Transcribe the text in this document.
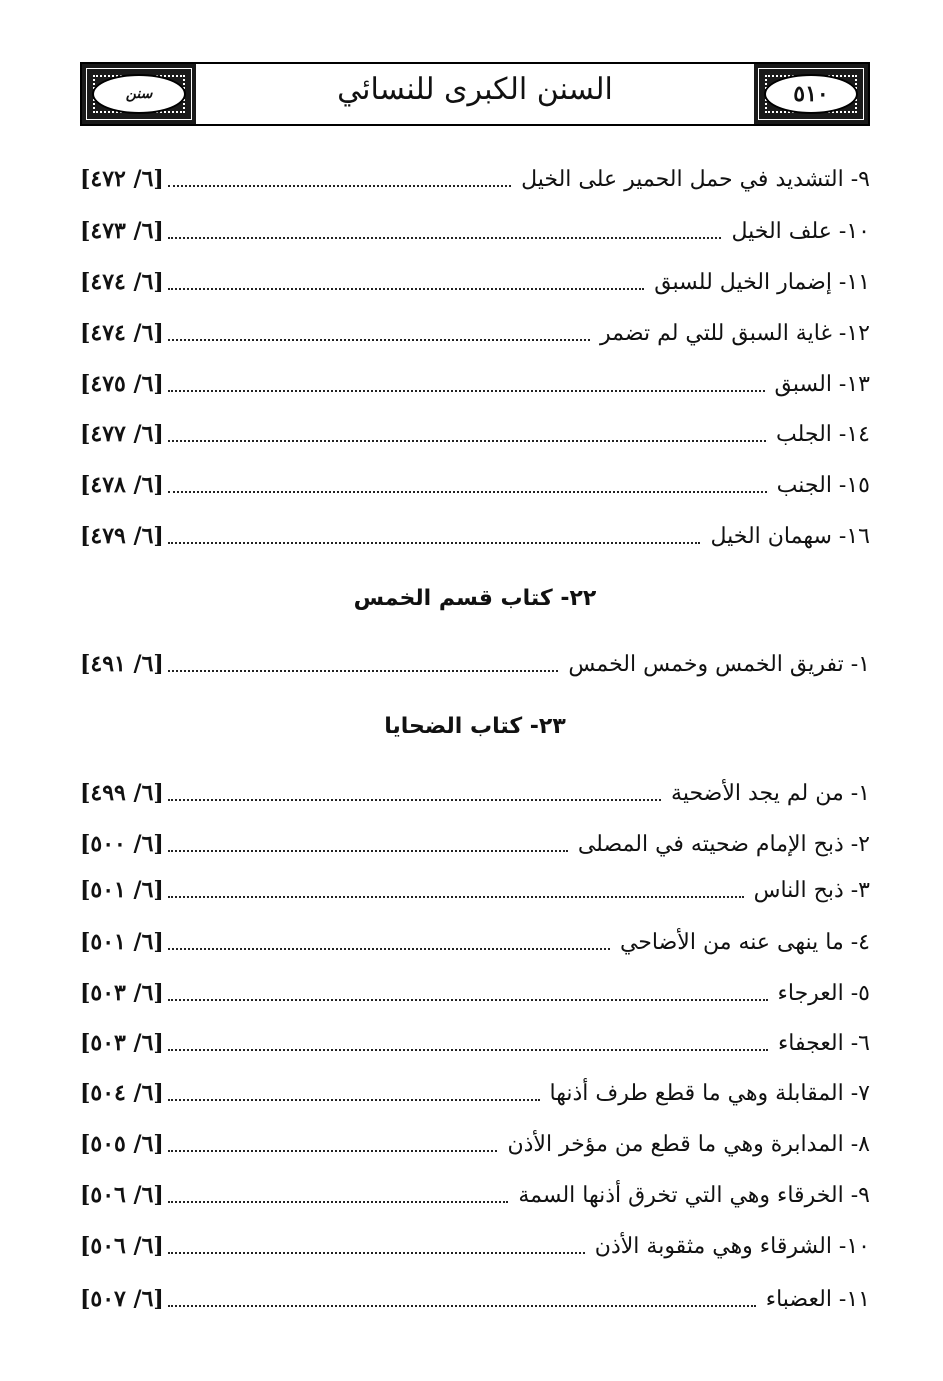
سنن	السنن الكبرى للنسائي	٥١٠
٩- التشديد في حمل الحمير على الخيل
[٦/ ٤٧٢]
١٠- علف الخيل
[٦/ ٤٧٣]
١١- إضمار الخيل للسبق
[٦/ ٤٧٤]
١٢- غاية السبق للتي لم تضمر
[٦/ ٤٧٤]
١٣- السبق
[٦/ ٤٧٥]
١٤- الجلب
[٦/ ٤٧٧]
١٥- الجنب
[٦/ ٤٧٨]
١٦- سهمان الخيل
[٦/ ٤٧٩]
٢٢- كتاب قسم الخمس
١- تفريق الخمس وخمس الخمس
[٦/ ٤٩١]
٢٣- كتاب الضحايا
١- من لم يجد الأضحية
[٦/ ٤٩٩]
٢- ذبح الإمام ضحيته في المصلى
[٦/ ٥٠٠]
٣- ذبح الناس
[٦/ ٥٠١]
٤- ما ينهى عنه من الأضاحي
[٦/ ٥٠١]
٥- العرجاء
[٦/ ٥٠٣]
٦- العجفاء
[٦/ ٥٠٣]
٧- المقابلة وهي ما قطع طرف أذنها
[٦/ ٥٠٤]
٨- المدابرة وهي ما قطع من مؤخر الأذن
[٦/ ٥٠٥]
٩- الخرقاء وهي التي تخرق أذنها السمة
[٦/ ٥٠٦]
١٠- الشرقاء وهي مثقوبة الأذن
[٦/ ٥٠٦]
١١- العضباء
[٦/ ٥٠٧]
